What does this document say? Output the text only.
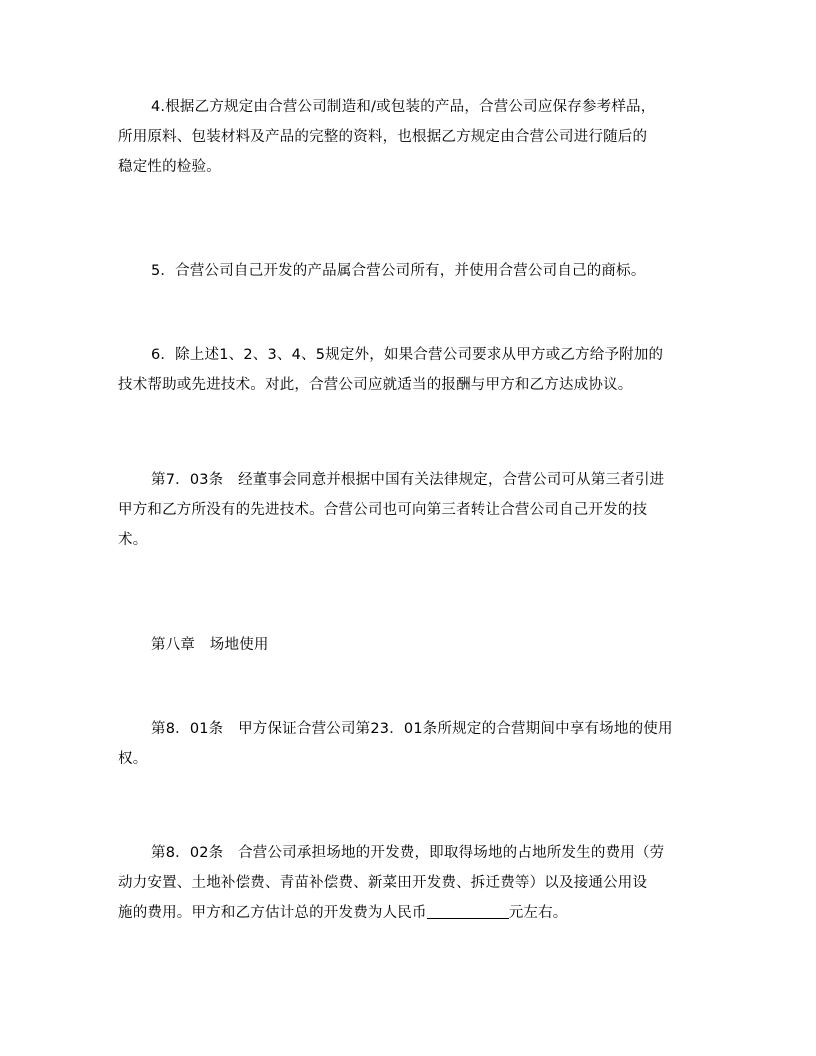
4.根据乙方规定由合营公司制造和/或包装的产品，合营公司应保存参考样品，
所用原料、包装材料及产品的完整的资料，也根据乙方规定由合营公司进行随后的
稳定性的检验。
5．合营公司自己开发的产品属合营公司所有，并使用合营公司自己的商标。
6．除上述1、2、3、4、5规定外，如果合营公司要求从甲方或乙方给予附加的
技术帮助或先进技术。对此，合营公司应就适当的报酬与甲方和乙方达成协议。
第7．03条　经董事会同意并根据中国有关法律规定，合营公司可从第三者引进
甲方和乙方所没有的先进技术。合营公司也可向第三者转让合营公司自己开发的技
术。
第八章　场地使用
第8．01条　甲方保证合营公司第23．01条所规定的合营期间中享有场地的使用
权。
第8．02条　合营公司承担场地的开发费，即取得场地的占地所发生的费用（劳
动力安置、土地补偿费、青苗补偿费、新菜田开发费、拆迁费等）以及接通公用设
施的费用。甲方和乙方估计总的开发费为人民币	元左右。
